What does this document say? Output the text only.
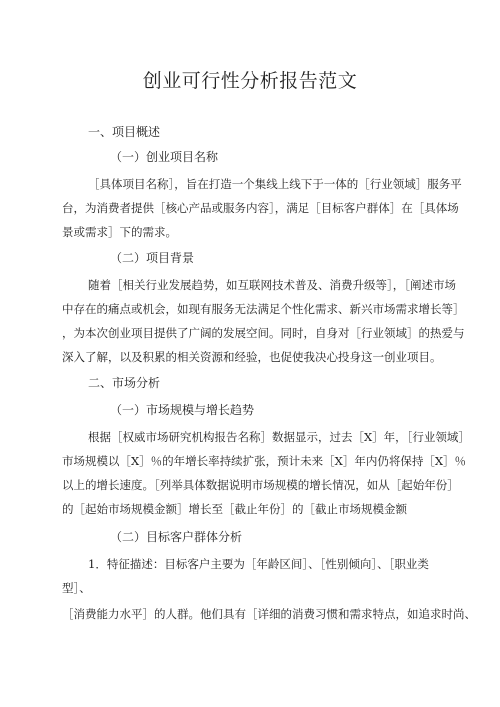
创业可行性分析报告范文
一、项目概述
（一）创业项目名称
［具体项目名称］，旨在打造一个集线上线下于一体的［行业领域］服务平
台，为消费者提供［核心产品或服务内容］，满足［目标客户群体］在［具体场
景或需求］下的需求。
（二）项目背景
随着［相关行业发展趋势，如互联网技术普及、消费升级等］，［阐述市场
中存在的痛点或机会，如现有服务无法满足个性化需求、新兴市场需求增长等］
，为本次创业项目提供了广阔的发展空间。同时，自身对［行业领域］的热爱与
深入了解，以及积累的相关资源和经验，也促使我决心投身这一创业项目。
二、市场分析
（一）市场规模与增长趋势
根据［权威市场研究机构报告名称］数据显示，过去［X］年，［行业领域］
市场规模以［X］％的年增长率持续扩张，预计未来［X］年内仍将保持［X］％
以上的增长速度。［列举具体数据说明市场规模的增长情况，如从［起始年份］
的［起始市场规模金额］增长至［截止年份］的［截止市场规模金额
（二）目标客户群体分析
1．特征描述：目标客户主要为［年龄区间］、［性别倾向］、［职业类
型］、
［消费能力水平］的人群。他们具有［详细的消费习惯和需求特点，如追求时尚、
